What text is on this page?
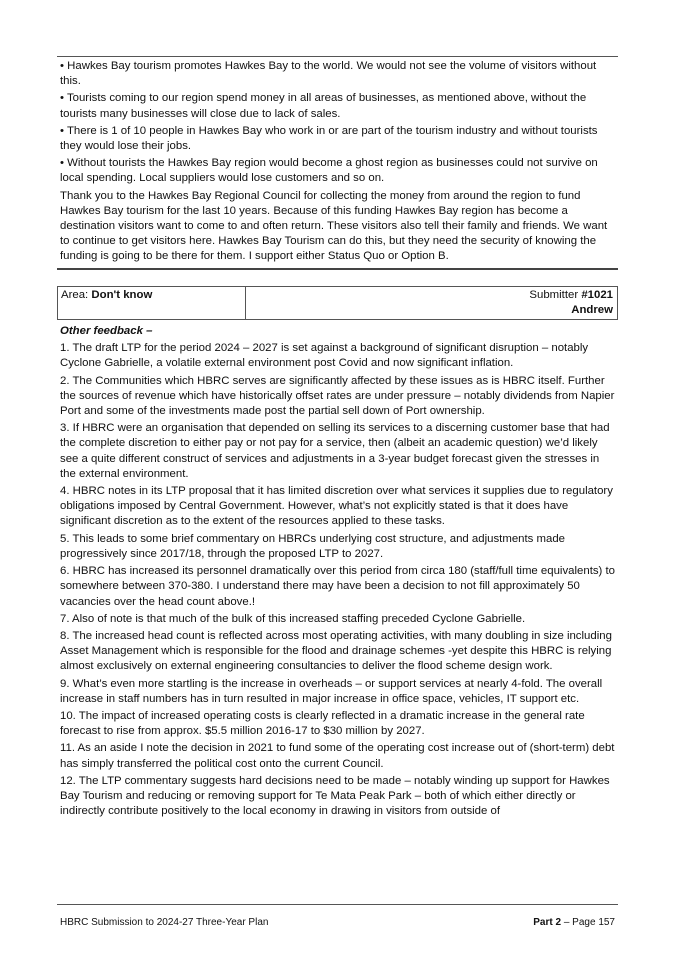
• Hawkes Bay tourism promotes Hawkes Bay to the world. We would not see the volume of visitors without this.

• Tourists coming to our region spend money in all areas of businesses, as mentioned above, without the tourists many businesses will close due to lack of sales.

• There is 1 of 10 people in Hawkes Bay who work in or are part of the tourism industry and without tourists they would lose their jobs.

• Without tourists the Hawkes Bay region would become a ghost region as businesses could not survive on local spending. Local suppliers would lose customers and so on.

Thank you to the Hawkes Bay Regional Council for collecting the money from around the region to fund Hawkes Bay tourism for the last 10 years. Because of this funding Hawkes Bay region has become a destination visitors want to come to and often return. These visitors also tell their family and friends. We want to continue to get visitors here. Hawkes Bay Tourism can do this, but they need the security of knowing the funding is going to be there for them. I support either Status Quo or Option B.

Area: Don't know	Submitter #1021
Andrew

Other feedback –

1. The draft LTP for the period 2024 – 2027 is set against a background of significant disruption – notably Cyclone Gabrielle, a volatile external environment post Covid and now significant inflation.

2. The Communities which HBRC serves are significantly affected by these issues as is HBRC itself. Further the sources of revenue which have historically offset rates are under pressure – notably dividends from Napier Port and some of the investments made post the partial sell down of Port ownership.

3. If HBRC were an organisation that depended on selling its services to a discerning customer base that had the complete discretion to either pay or not pay for a service, then (albeit an academic question) we’d likely see a quite different construct of services and adjustments in a 3-year budget forecast given the stresses in the external environment.

4. HBRC notes in its LTP proposal that it has limited discretion over what services it supplies due to regulatory obligations imposed by Central Government. However, what’s not explicitly stated is that it does have significant discretion as to the extent of the resources applied to these tasks.

5. This leads to some brief commentary on HBRCs underlying cost structure, and adjustments made progressively since 2017/18, through the proposed LTP to 2027.

6. HBRC has increased its personnel dramatically over this period from circa 180 (staff/full time equivalents) to somewhere between 370-380. I understand there may have been a decision to not fill approximately 50 vacancies over the head count above.!

7. Also of note is that much of the bulk of this increased staffing preceded Cyclone Gabrielle.

8. The increased head count is reflected across most operating activities, with many doubling in size including Asset Management which is responsible for the flood and drainage schemes -yet despite this HBRC is relying almost exclusively on external engineering consultancies to deliver the flood scheme design work.

9. What’s even more startling is the increase in overheads – or support services at nearly 4-fold. The overall increase in staff numbers has in turn resulted in major increase in office space, vehicles, IT support etc.

10. The impact of increased operating costs is clearly reflected in a dramatic increase in the general rate forecast to rise from approx. $5.5 million 2016-17 to $30 million by 2027.

11. As an aside I note the decision in 2021 to fund some of the operating cost increase out of (short-term) debt has simply transferred the political cost onto the current Council.

12. The LTP commentary suggests hard decisions need to be made – notably winding up support for Hawkes Bay Tourism and reducing or removing support for Te Mata Peak Park – both of which either directly or indirectly contribute positively to the local economy in drawing in visitors from outside of

HBRC Submission to 2024-27 Three-Year Plan	Part 2 – Page 157
